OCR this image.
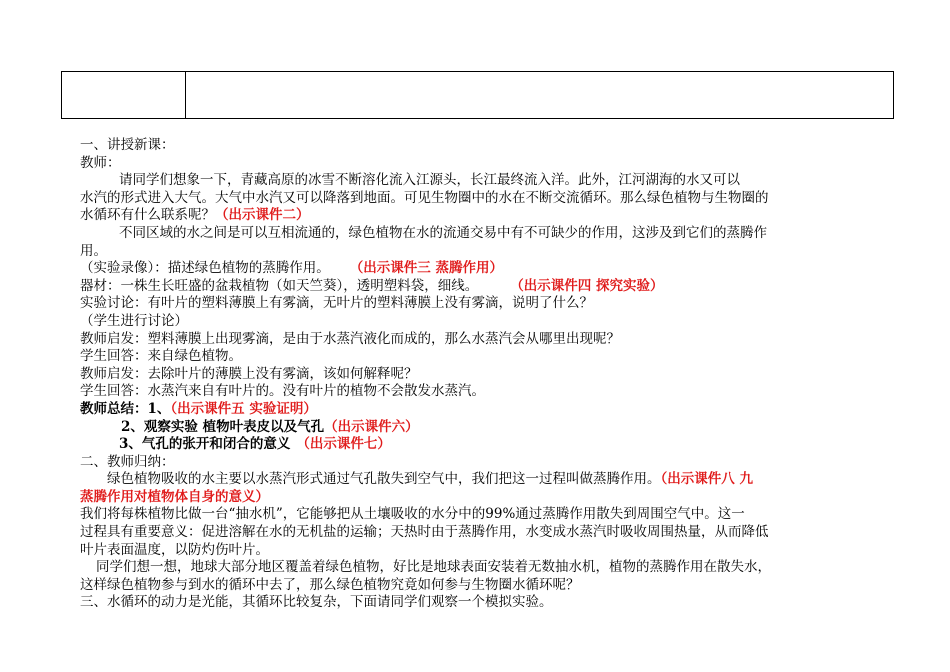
一、讲授新课：
教师：
请同学们想象一下，青藏高原的冰雪不断溶化流入江源头，长江最终流入洋。此外，江河湖海的水又可以
水汽的形式进入大气。大气中水汽又可以降落到地面。可见生物圈中的水在不断交流循环。那么绿色植物与生物圈的
水循环有什么联系呢？（出示课件二）
不同区域的水之间是可以互相流通的，绿色植物在水的流通交易中有不可缺少的作用，这涉及到它们的蒸腾作
用。
（实验录像）：描述绿色植物的蒸腾作用。 （出示课件三 蒸腾作用）
器材：一株生长旺盛的盆栽植物（如天竺葵），透明塑料袋，细线。 （出示课件四 探究实验）
实验讨论：有叶片的塑料薄膜上有雾滴，无叶片的塑料薄膜上没有雾滴，说明了什么？
（学生进行讨论）
教师启发：塑料薄膜上出现雾滴，是由于水蒸汽液化而成的，那么水蒸汽会从哪里出现呢？
学生回答：来自绿色植物。
教师启发：去除叶片的薄膜上没有雾滴，该如何解释呢？
学生回答：水蒸汽来自有叶片的。没有叶片的植物不会散发水蒸汽。
教师总结：1、（出示课件五 实验证明）
2、观察实验 植物叶表皮以及气孔（出示课件六）
3、气孔的张开和闭合的意义 （出示课件七）
二、教师归纳：
绿色植物吸收的水主要以水蒸汽形式通过气孔散失到空气中，我们把这一过程叫做蒸腾作用。（出示课件八 九
蒸腾作用对植物体自身的意义）
我们将每株植物比做一台“抽水机”，它能够把从土壤吸收的水分中的99%通过蒸腾作用散失到周围空气中。这一
过程具有重要意义：促进溶解在水的无机盐的运输；天热时由于蒸腾作用，水变成水蒸汽时吸收周围热量，从而降低
叶片表面温度，以防灼伤叶片。
同学们想一想，地球大部分地区覆盖着绿色植物，好比是地球表面安装着无数抽水机，植物的蒸腾作用在散失水，
这样绿色植物参与到水的循环中去了，那么绿色植物究竟如何参与生物圈水循环呢？
三、水循环的动力是光能，其循环比较复杂，下面请同学们观察一个模拟实验。
